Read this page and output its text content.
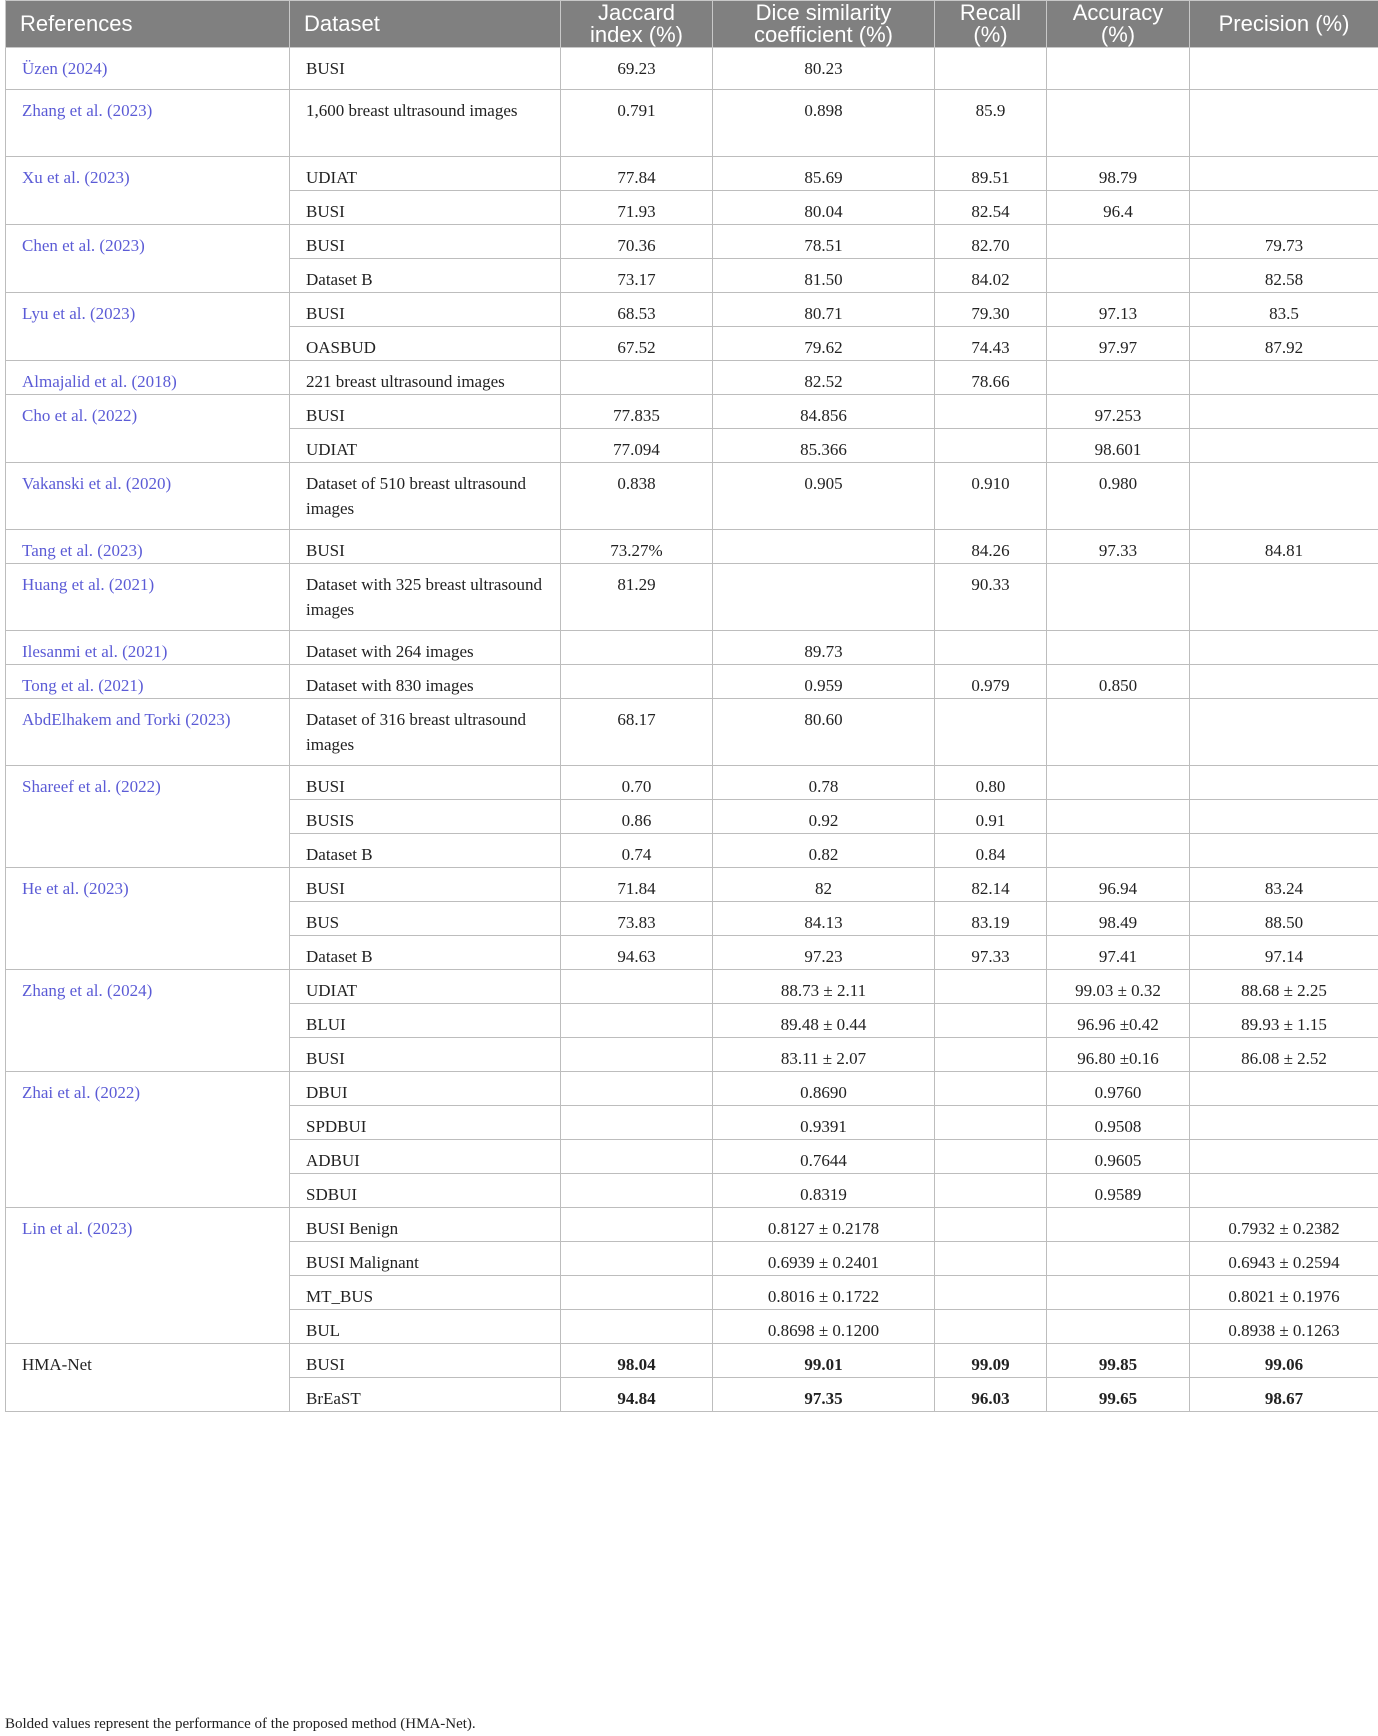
References	Dataset	Jaccard index (%)	Dice similarity coefficient (%)	Recall (%)	Accuracy (%)	Precision (%)
Üzen (2024)	BUSI	69.23	80.23			
Zhang et al. (2023)	1,600 breast ultrasound images	0.791	0.898	85.9		
Xu et al. (2023)	UDIAT	77.84	85.69	89.51	98.79	
	BUSI	71.93	80.04	82.54	96.4	
Chen et al. (2023)	BUSI	70.36	78.51	82.70		79.73
	Dataset B	73.17	81.50	84.02		82.58
Lyu et al. (2023)	BUSI	68.53	80.71	79.30	97.13	83.5
	OASBUD	67.52	79.62	74.43	97.97	87.92
Almajalid et al. (2018)	221 breast ultrasound images		82.52	78.66		
Cho et al. (2022)	BUSI	77.835	84.856		97.253	
	UDIAT	77.094	85.366		98.601	
Vakanski et al. (2020)	Dataset of 510 breast ultrasound images	0.838	0.905	0.910	0.980	
Tang et al. (2023)	BUSI	73.27%		84.26	97.33	84.81
Huang et al. (2021)	Dataset with 325 breast ultrasound images	81.29		90.33		
Ilesanmi et al. (2021)	Dataset with 264 images		89.73			
Tong et al. (2021)	Dataset with 830 images		0.959	0.979	0.850	
AbdElhakem and Torki (2023)	Dataset of 316 breast ultrasound images	68.17	80.60			
Shareef et al. (2022)	BUSI	0.70	0.78	0.80		
	BUSIS	0.86	0.92	0.91		
	Dataset B	0.74	0.82	0.84		
He et al. (2023)	BUSI	71.84	82	82.14	96.94	83.24
	BUS	73.83	84.13	83.19	98.49	88.50
	Dataset B	94.63	97.23	97.33	97.41	97.14
Zhang et al. (2024)	UDIAT		88.73 ± 2.11		99.03 ± 0.32	88.68 ± 2.25
	BLUI		89.48 ± 0.44		96.96 ±0.42	89.93 ± 1.15
	BUSI		83.11 ± 2.07		96.80 ±0.16	86.08 ± 2.52
Zhai et al. (2022)	DBUI		0.8690		0.9760	
	SPDBUI		0.9391		0.9508	
	ADBUI		0.7644		0.9605	
	SDBUI		0.8319		0.9589	
Lin et al. (2023)	BUSI Benign		0.8127 ± 0.2178			0.7932 ± 0.2382
	BUSI Malignant		0.6939 ± 0.2401			0.6943 ± 0.2594
	MT_BUS		0.8016 ± 0.1722			0.8021 ± 0.1976
	BUL		0.8698 ± 0.1200			0.8938 ± 0.1263
HMA-Net	BUSI	98.04	99.01	99.09	99.85	99.06
	BrEaST	94.84	97.35	96.03	99.65	98.67
Bolded values represent the performance of the proposed method (HMA-Net).
